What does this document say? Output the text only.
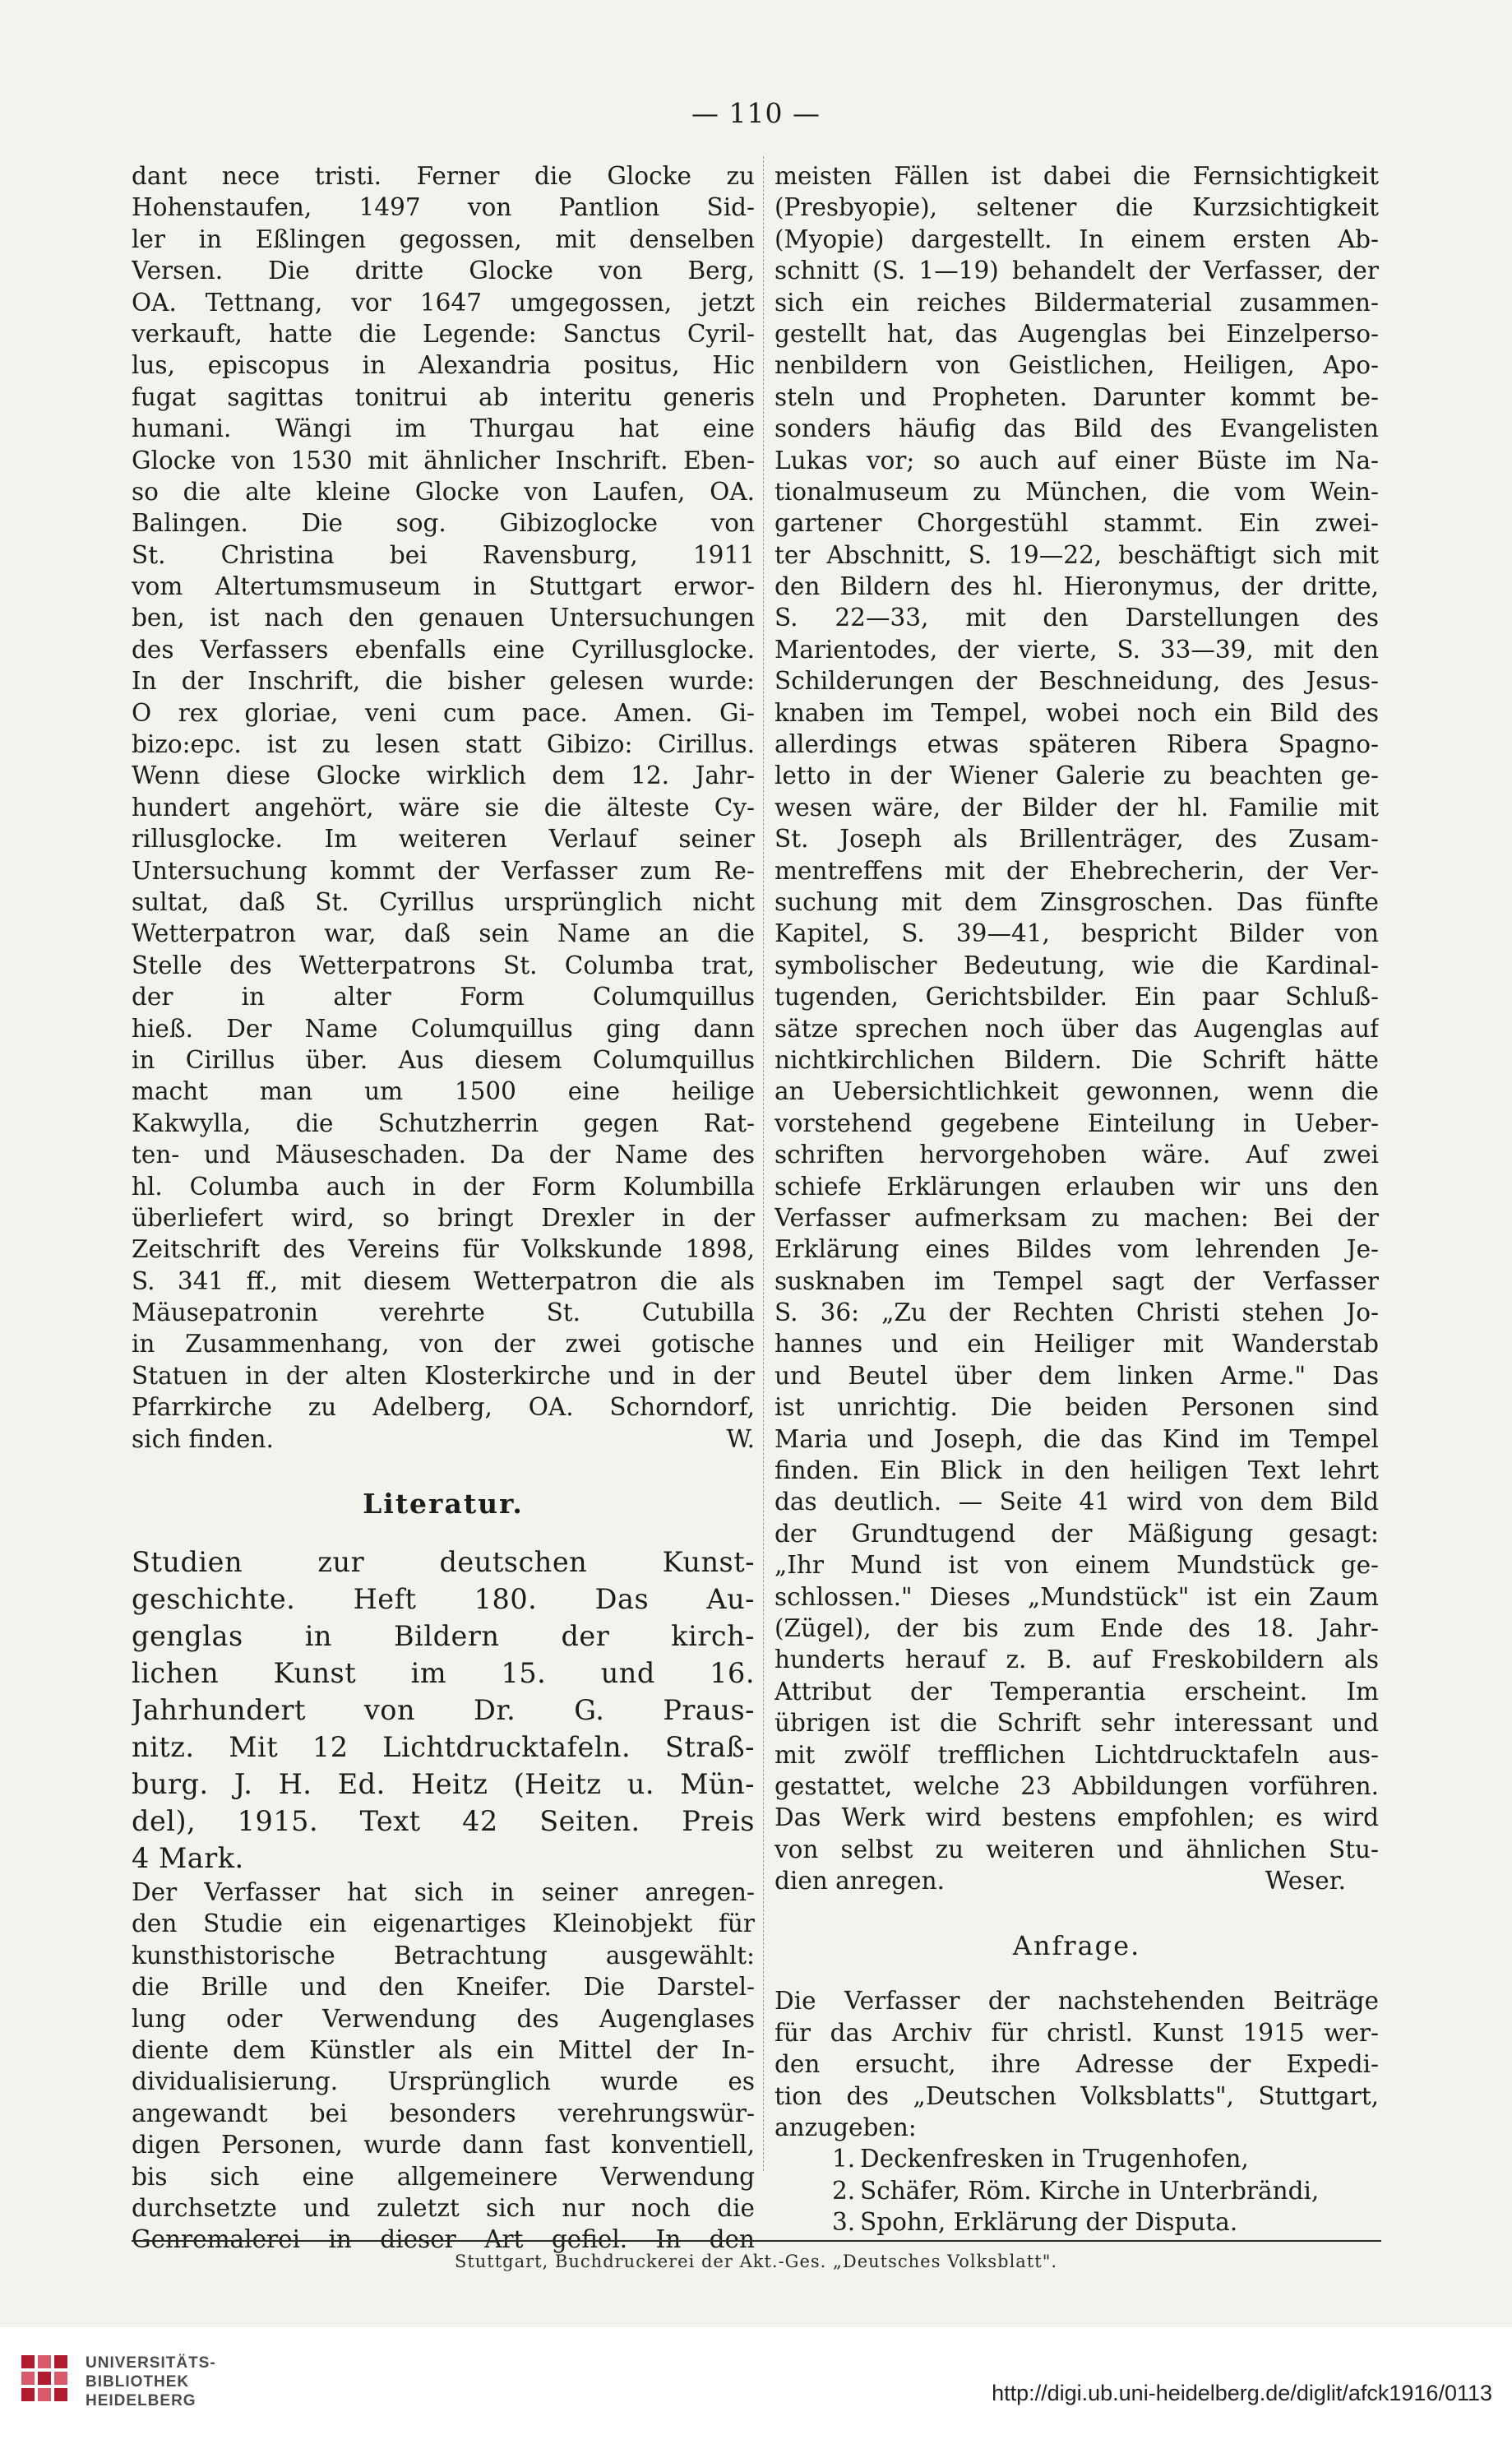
— 110 —
dant nece tristi. Ferner die Glocke zu
Hohenstaufen, 1497 von Pantlion Sid-
ler in Eßlingen gegossen, mit denselben
Versen. Die dritte Glocke von Berg,
OA. Tettnang, vor 1647 umgegossen, jetzt
verkauft, hatte die Legende: Sanctus Cyril-
lus, episcopus in Alexandria positus, Hic
fugat sagittas tonitrui ab interitu generis
humani. Wängi im Thurgau hat eine
Glocke von 1530 mit ähnlicher Inschrift. Eben-
so die alte kleine Glocke von Laufen, OA.
Balingen. Die sog. Gibizoglocke von
St. Christina bei Ravensburg, 1911
vom Altertumsmuseum in Stuttgart erwor-
ben, ist nach den genauen Untersuchungen
des Verfassers ebenfalls eine Cyrillusglocke.
In der Inschrift, die bisher gelesen wurde:
O rex gloriae, veni cum pace. Amen. Gi-
bizo:epc. ist zu lesen statt Gibizo: Cirillus.
Wenn diese Glocke wirklich dem 12. Jahr-
hundert angehört, wäre sie die älteste Cy-
rillusglocke. Im weiteren Verlauf seiner
Untersuchung kommt der Verfasser zum Re-
sultat, daß St. Cyrillus ursprünglich nicht
Wetterpatron war, daß sein Name an die
Stelle des Wetterpatrons St. Columba trat,
der in alter Form Columquillus
hieß. Der Name Columquillus ging dann
in Cirillus über. Aus diesem Columquillus
macht man um 1500 eine heilige
Kakwylla, die Schutzherrin gegen Rat-
ten- und Mäuseschaden. Da der Name des
hl. Columba auch in der Form Kolumbilla
überliefert wird, so bringt Drexler in der
Zeitschrift des Vereins für Volkskunde 1898,
S. 341 ff., mit diesem Wetterpatron die als
Mäusepatronin verehrte St. Cutubilla
in Zusammenhang, von der zwei gotische
Statuen in der alten Klosterkirche und in der
Pfarrkirche zu Adelberg, OA. Schorndorf,
sich finden.	W.
Literatur.
Studien zur deutschen Kunst-
geschichte. Heft 180. Das Au-
genglas in Bildern der kirch-
lichen Kunst im 15. und 16.
Jahrhundert von Dr. G. Praus-
nitz. Mit 12 Lichtdrucktafeln. Straß-
burg. J. H. Ed. Heitz (Heitz u. Mün-
del), 1915. Text 42 Seiten. Preis
4 Mark.
Der Verfasser hat sich in seiner anregen-
den Studie ein eigenartiges Kleinobjekt für
kunsthistorische Betrachtung ausgewählt:
die Brille und den Kneifer. Die Darstel-
lung oder Verwendung des Augenglases
diente dem Künstler als ein Mittel der In-
dividualisierung. Ursprünglich wurde es
angewandt bei besonders verehrungswür-
digen Personen, wurde dann fast konventiell,
bis sich eine allgemeinere Verwendung
durchsetzte und zuletzt sich nur noch die
Genremalerei in dieser Art gefiel. In den
meisten Fällen ist dabei die Fernsichtigkeit
(Presbyopie), seltener die Kurzsichtigkeit
(Myopie) dargestellt. In einem ersten Ab-
schnitt (S. 1—19) behandelt der Verfasser, der
sich ein reiches Bildermaterial zusammen-
gestellt hat, das Augenglas bei Einzelperso-
nenbildern von Geistlichen, Heiligen, Apo-
steln und Propheten. Darunter kommt be-
sonders häufig das Bild des Evangelisten
Lukas vor; so auch auf einer Büste im Na-
tionalmuseum zu München, die vom Wein-
gartener Chorgestühl stammt. Ein zwei-
ter Abschnitt, S. 19—22, beschäftigt sich mit
den Bildern des hl. Hieronymus, der dritte,
S. 22—33, mit den Darstellungen des
Marientodes, der vierte, S. 33—39, mit den
Schilderungen der Beschneidung, des Jesus-
knaben im Tempel, wobei noch ein Bild des
allerdings etwas späteren Ribera Spagno-
letto in der Wiener Galerie zu beachten ge-
wesen wäre, der Bilder der hl. Familie mit
St. Joseph als Brillenträger, des Zusam-
mentreffens mit der Ehebrecherin, der Ver-
suchung mit dem Zinsgroschen. Das fünfte
Kapitel, S. 39—41, bespricht Bilder von
symbolischer Bedeutung, wie die Kardinal-
tugenden, Gerichtsbilder. Ein paar Schluß-
sätze sprechen noch über das Augenglas auf
nichtkirchlichen Bildern. Die Schrift hätte
an Uebersichtlichkeit gewonnen, wenn die
vorstehend gegebene Einteilung in Ueber-
schriften hervorgehoben wäre. Auf zwei
schiefe Erklärungen erlauben wir uns den
Verfasser aufmerksam zu machen: Bei der
Erklärung eines Bildes vom lehrenden Je-
susknaben im Tempel sagt der Verfasser
S. 36: „Zu der Rechten Christi stehen Jo-
hannes und ein Heiliger mit Wanderstab
und Beutel über dem linken Arme." Das
ist unrichtig. Die beiden Personen sind
Maria und Joseph, die das Kind im Tempel
finden. Ein Blick in den heiligen Text lehrt
das deutlich. — Seite 41 wird von dem Bild
der Grundtugend der Mäßigung gesagt:
„Ihr Mund ist von einem Mundstück ge-
schlossen." Dieses „Mundstück" ist ein Zaum
(Zügel), der bis zum Ende des 18. Jahr-
hunderts herauf z. B. auf Freskobildern als
Attribut der Temperantia erscheint. Im
übrigen ist die Schrift sehr interessant und
mit zwölf trefflichen Lichtdrucktafeln aus-
gestattet, welche 23 Abbildungen vorführen.
Das Werk wird bestens empfohlen; es wird
von selbst zu weiteren und ähnlichen Stu-
dien anregen.	Weser.
Anfrage.
Die Verfasser der nachstehenden Beiträge
für das Archiv für christl. Kunst 1915 wer-
den ersucht, ihre Adresse der Expedi-
tion des „Deutschen Volksblatts", Stuttgart,
anzugeben:
1. Deckenfresken in Trugenhofen,
2. Schäfer, Röm. Kirche in Unterbrändi,
3. Spohn, Erklärung der Disputa.
Stuttgart, Buchdruckerei der Akt.-Ges. „Deutsches Volksblatt".
UNIVERSITÄTS-
BIBLIOTHEK
HEIDELBERG	http://digi.ub.uni-heidelberg.de/diglit/afck1916/0113
